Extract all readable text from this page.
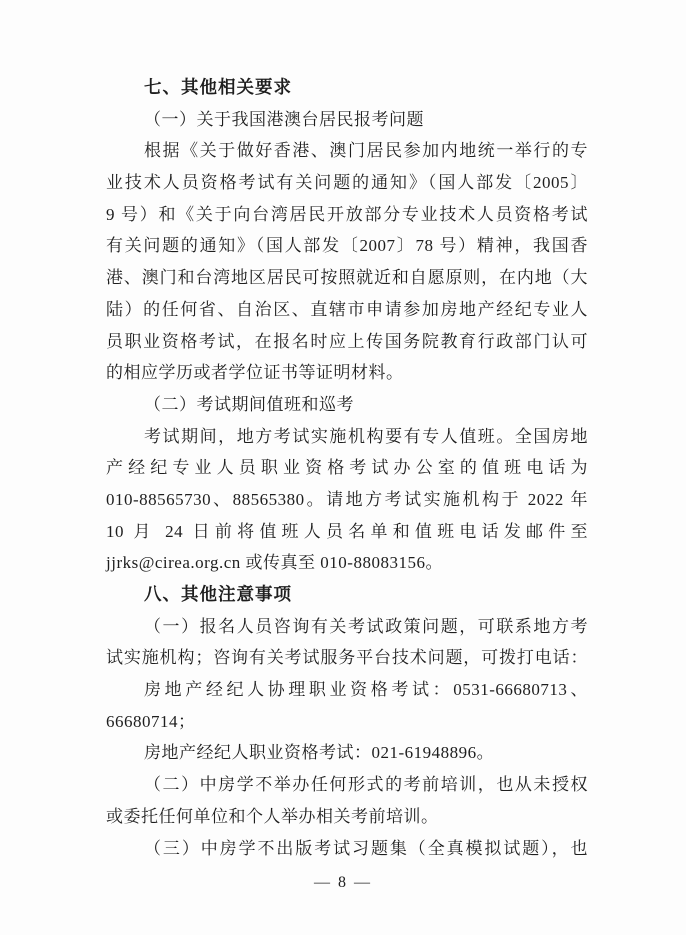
七、其他相关要求
（一）关于我国港澳台居民报考问题
根据《关于做好香港、澳门居民参加内地统一举行的专
业技术人员资格考试有关问题的通知》（国人部发〔2005〕
9 号）和《关于向台湾居民开放部分专业技术人员资格考试
有关问题的通知》（国人部发〔2007〕78 号）精神，我国香
港、澳门和台湾地区居民可按照就近和自愿原则，在内地（大
陆）的任何省、自治区、直辖市申请参加房地产经纪专业人
员职业资格考试，在报名时应上传国务院教育行政部门认可
的相应学历或者学位证书等证明材料。
（二）考试期间值班和巡考
考试期间，地方考试实施机构要有专人值班。全国房地
产经纪专业人员职业资格考试办公室的值班电话为
010-88565730、88565380。请地方考试实施机构于 2022 年
10 月 24 日前将值班人员名单和值班电话发邮件至
jjrks@cirea.org.cn 或传真至 010-88083156。
八、其他注意事项
（一）报名人员咨询有关考试政策问题，可联系地方考
试实施机构；咨询有关考试服务平台技术问题，可拨打电话：
房地产经纪人协理职业资格考试：0531-66680713、
66680714；
房地产经纪人职业资格考试：021-61948896。
（二）中房学不举办任何形式的考前培训，也从未授权
或委托任何单位和个人举办相关考前培训。
（三）中房学不出版考试习题集（全真模拟试题），也
— 8 —
